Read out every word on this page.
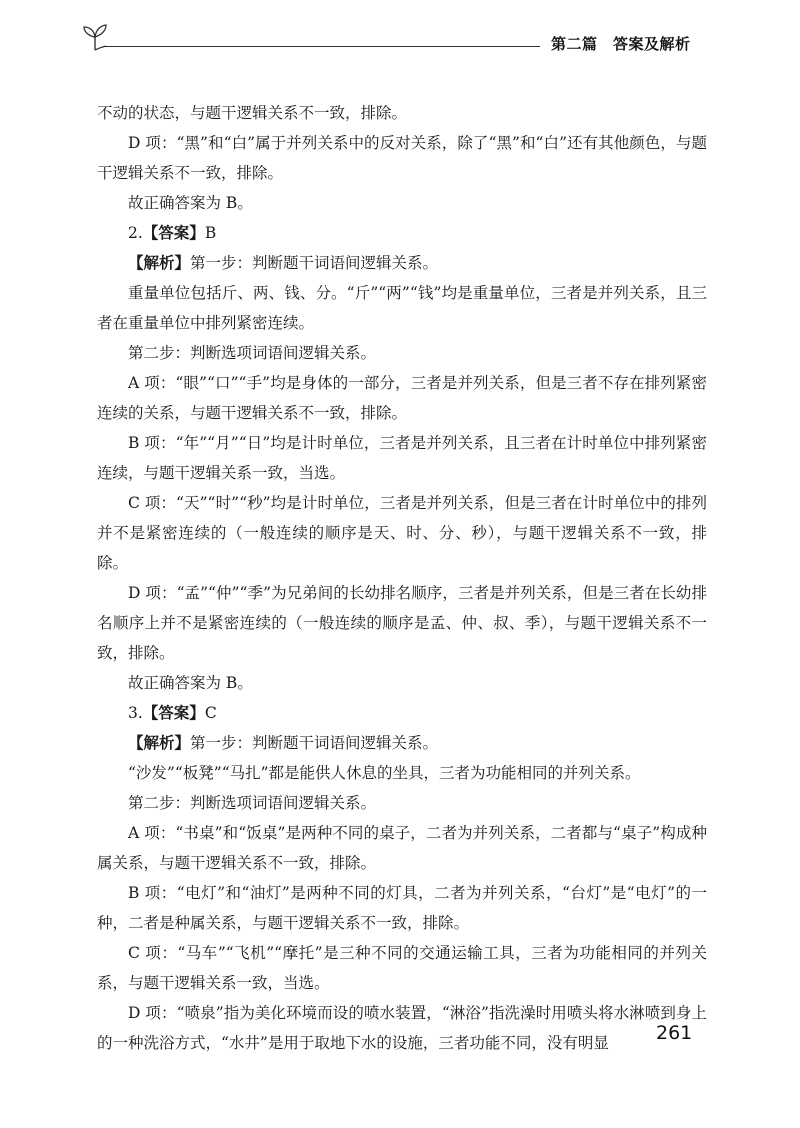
第二篇　答案及解析

不动的状态，与题干逻辑关系不一致，排除。

D 项：“黑”和“白”属于并列关系中的反对关系，除了“黑”和“白”还有其他颜色，与题干逻辑关系不一致，排除。

故正确答案为 B。

2.【答案】B

【解析】第一步：判断题干词语间逻辑关系。

重量单位包括斤、两、钱、分。“斤”“两”“钱”均是重量单位，三者是并列关系，且三者在重量单位中排列紧密连续。

第二步：判断选项词语间逻辑关系。

A 项：“眼”“口”“手”均是身体的一部分，三者是并列关系，但是三者不存在排列紧密连续的关系，与题干逻辑关系不一致，排除。

B 项：“年”“月”“日”均是计时单位，三者是并列关系，且三者在计时单位中排列紧密连续，与题干逻辑关系一致，当选。

C 项：“天”“时”“秒”均是计时单位，三者是并列关系，但是三者在计时单位中的排列并不是紧密连续的（一般连续的顺序是天、时、分、秒），与题干逻辑关系不一致，排除。

D 项：“孟”“仲”“季”为兄弟间的长幼排名顺序，三者是并列关系，但是三者在长幼排名顺序上并不是紧密连续的（一般连续的顺序是孟、仲、叔、季），与题干逻辑关系不一致，排除。

故正确答案为 B。

3.【答案】C

【解析】第一步：判断题干词语间逻辑关系。

“沙发”“板凳”“马扎”都是能供人休息的坐具，三者为功能相同的并列关系。

第二步：判断选项词语间逻辑关系。

A 项：“书桌”和“饭桌”是两种不同的桌子，二者为并列关系，二者都与“桌子”构成种属关系，与题干逻辑关系不一致，排除。

B 项：“电灯”和“油灯”是两种不同的灯具，二者为并列关系，“台灯”是“电灯”的一种，二者是种属关系，与题干逻辑关系不一致，排除。

C 项：“马车”“飞机”“摩托”是三种不同的交通运输工具，三者为功能相同的并列关系，与题干逻辑关系一致，当选。

D 项：“喷泉”指为美化环境而设的喷水装置，“淋浴”指洗澡时用喷头将水淋喷到身上的一种洗浴方式，“水井”是用于取地下水的设施，三者功能不同，没有明显	261
